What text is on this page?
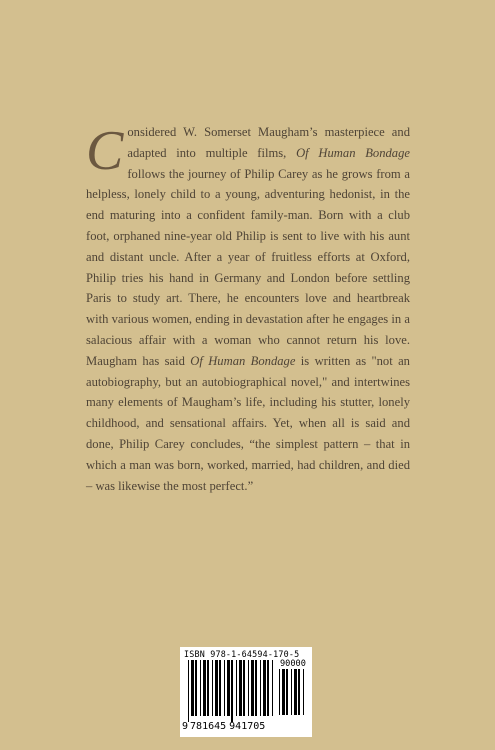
Considered W. Somerset Maugham’s masterpiece and adapted into multiple films, Of Human Bondage follows the journey of Philip Carey as he grows from a helpless, lonely child to a young, adventuring hedonist, in the end maturing into a confident family-man. Born with a club foot, orphaned nine-year old Philip is sent to live with his aunt and distant uncle. After a year of fruitless efforts at Oxford, Philip tries his hand in Germany and London before settling Paris to study art. There, he encounters love and heartbreak with various women, ending in devastation after he engages in a salacious affair with a woman who cannot return his love. Maugham has said Of Human Bondage is written as "not an autobiography, but an autobiographical novel," and intertwines many elements of Maugham’s life, including his stutter, lonely childhood, and sensational affairs. Yet, when all is said and done, Philip Carey concludes, “the simplest pattern – that in which a man was born, worked, married, had children, and died – was likewise the most perfect.”

ISBN 978-1-64594-170-5
90000
9 781645 941705
